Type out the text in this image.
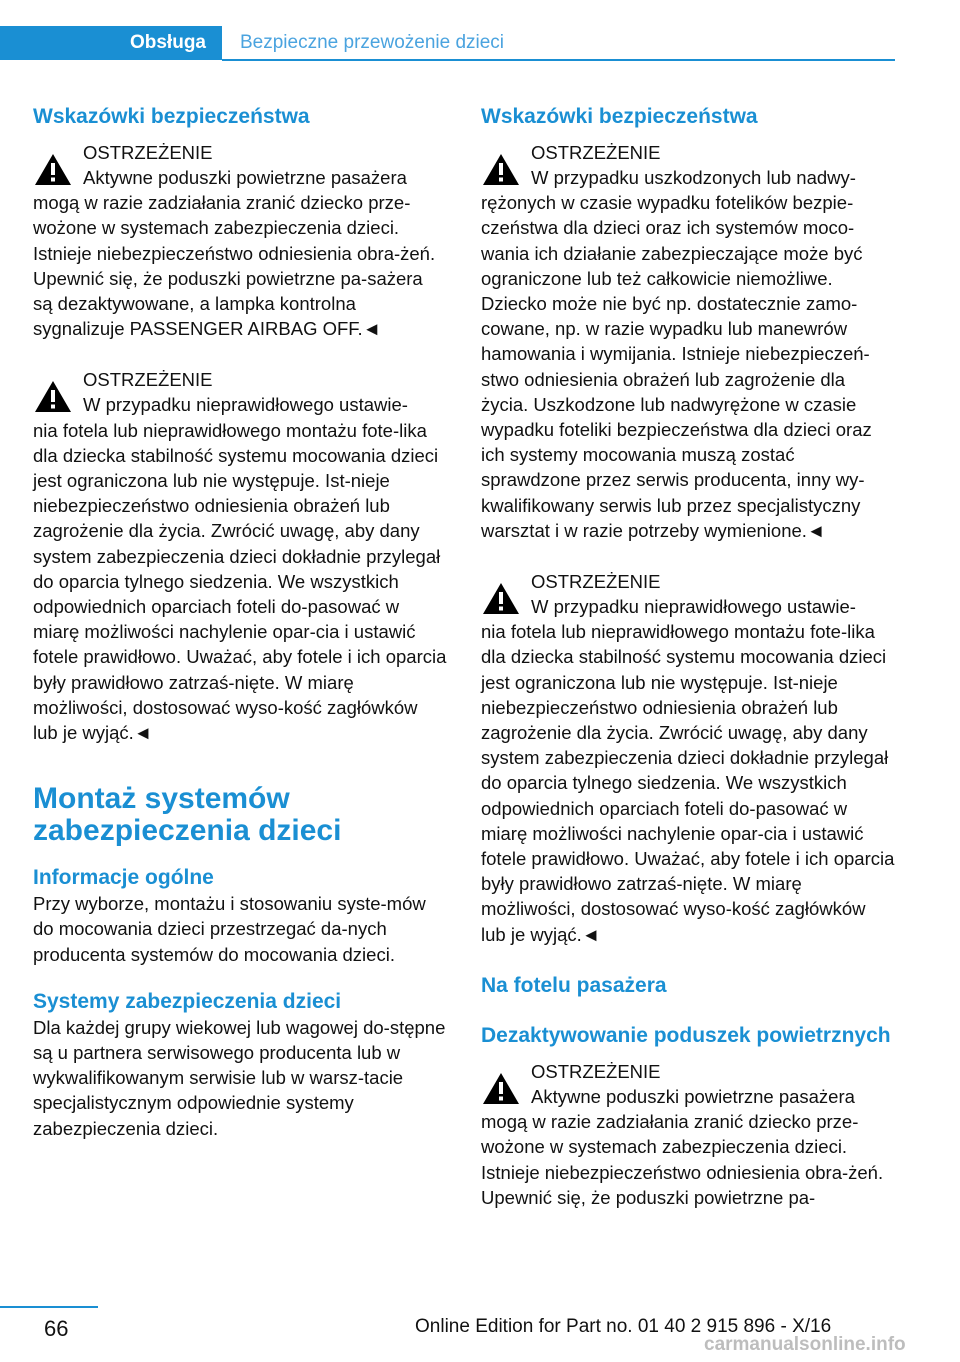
Obsługa	Bezpieczne przewożenie dzieci
Wskazówki bezpieczeństwa
OSTRZEŻENIE
Aktywne poduszki powietrzne pasażera
mogą w razie zadziałania zranić dziecko prze-wożone w systemach zabezpieczenia dzieci. Istnieje niebezpieczeństwo odniesienia obra-żeń. Upewnić się, że poduszki powietrzne pa-sażera są dezaktywowane, a lampka kontrolna sygnalizuje PASSENGER AIRBAG OFF.◄
OSTRZEŻENIE
W przypadku nieprawidłowego ustawie-
nia fotela lub nieprawidłowego montażu fote-lika dla dziecka stabilność systemu mocowania dzieci jest ograniczona lub nie występuje. Ist-nieje niebezpieczeństwo odniesienia obrażeń lub zagrożenie dla życia. Zwrócić uwagę, aby dany system zabezpieczenia dzieci dokładnie przylegał do oparcia tylnego siedzenia. We wszystkich odpowiednich oparciach foteli do-pasować w miarę możliwości nachylenie opar-cia i ustawić fotele prawidłowo. Uważać, aby fotele i ich oparcia były prawidłowo zatrzaś-nięte. W miarę możliwości, dostosować wyso-kość zagłówków lub je wyjąć.◄
Montaż systemów zabezpieczenia dzieci
Informacje ogólne
Przy wyborze, montażu i stosowaniu syste-mów do mocowania dzieci przestrzegać da-nych producenta systemów do mocowania dzieci.
Systemy zabezpieczenia dzieci
Dla każdej grupy wiekowej lub wagowej do-stępne są u partnera serwisowego producenta lub w wykwalifikowanym serwisie lub w warsz-tacie specjalistycznym odpowiednie systemy zabezpieczenia dzieci.
Wskazówki bezpieczeństwa
OSTRZEŻENIE
W przypadku uszkodzonych lub nadwy-
rężonych w czasie wypadku fotelików bezpie-czeństwa dla dzieci oraz ich systemów moco-wania ich działanie zabezpieczające może być ograniczone lub też całkowicie niemożliwe. Dziecko może nie być np. dostatecznie zamo-cowane, np. w razie wypadku lub manewrów hamowania i wymijania. Istnieje niebezpieczeń-stwo odniesienia obrażeń lub zagrożenie dla życia. Uszkodzone lub nadwyrężone w czasie wypadku foteliki bezpieczeństwa dla dzieci oraz ich systemy mocowania muszą zostać sprawdzone przez serwis producenta, inny wy-kwalifikowany serwis lub przez specjalistyczny warsztat i w razie potrzeby wymienione.◄
OSTRZEŻENIE
W przypadku nieprawidłowego ustawie-
nia fotela lub nieprawidłowego montażu fote-lika dla dziecka stabilność systemu mocowania dzieci jest ograniczona lub nie występuje. Ist-nieje niebezpieczeństwo odniesienia obrażeń lub zagrożenie dla życia. Zwrócić uwagę, aby dany system zabezpieczenia dzieci dokładnie przylegał do oparcia tylnego siedzenia. We wszystkich odpowiednich oparciach foteli do-pasować w miarę możliwości nachylenie opar-cia i ustawić fotele prawidłowo. Uważać, aby fotele i ich oparcia były prawidłowo zatrzaś-nięte. W miarę możliwości, dostosować wyso-kość zagłówków lub je wyjąć.◄
Na fotelu pasażera
Dezaktywowanie poduszek powietrznych
OSTRZEŻENIE
Aktywne poduszki powietrzne pasażera
mogą w razie zadziałania zranić dziecko prze-wożone w systemach zabezpieczenia dzieci. Istnieje niebezpieczeństwo odniesienia obra-żeń. Upewnić się, że poduszki powietrzne pa-
66	Online Edition for Part no. 01 40 2 915 896 - X/16
carmanualsonline.info
